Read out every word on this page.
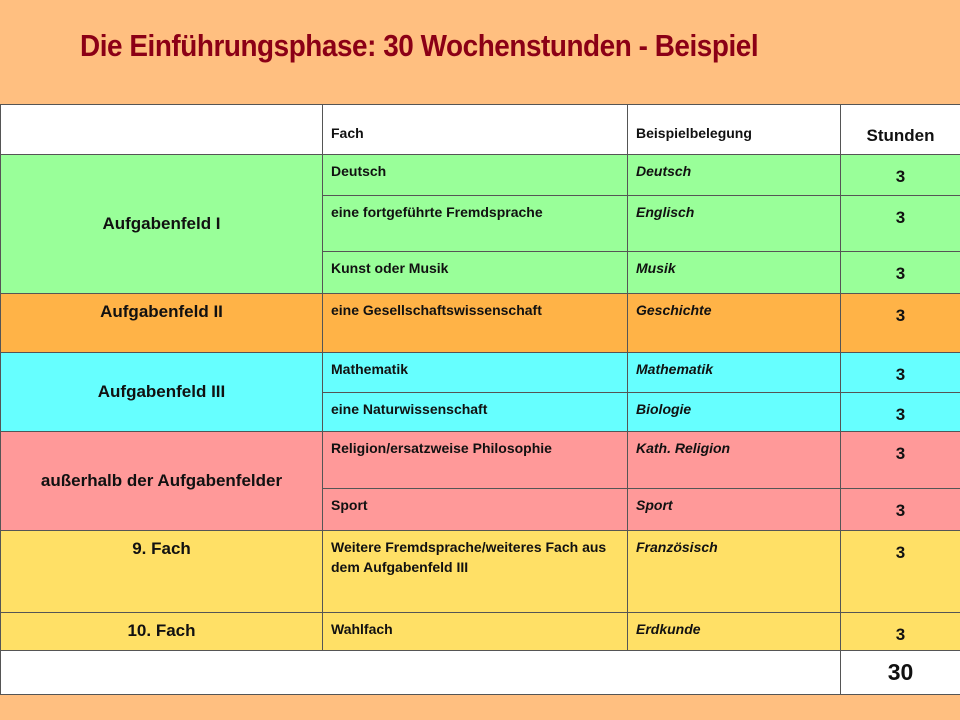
Die Einführungsphase: 30 Wochenstunden - Beispiel
	Fach	Beispielbelegung	Stunden
Aufgabenfeld I	Deutsch	Deutsch	3
	eine fortgeführte Fremdsprache	Englisch	3
	Kunst oder Musik	Musik	3
Aufgabenfeld II	eine Gesellschaftswissenschaft	Geschichte	3
Aufgabenfeld III	Mathematik	Mathematik	3
	eine Naturwissenschaft	Biologie	3
außerhalb der Aufgabenfelder	Religion/ersatzweise Philosophie	Kath. Religion	3
	Sport	Sport	3
9. Fach	Weitere Fremdsprache/weiteres Fach aus dem Aufgabenfeld III	Französisch	3
10. Fach	Wahlfach	Erdkunde	3
			30
